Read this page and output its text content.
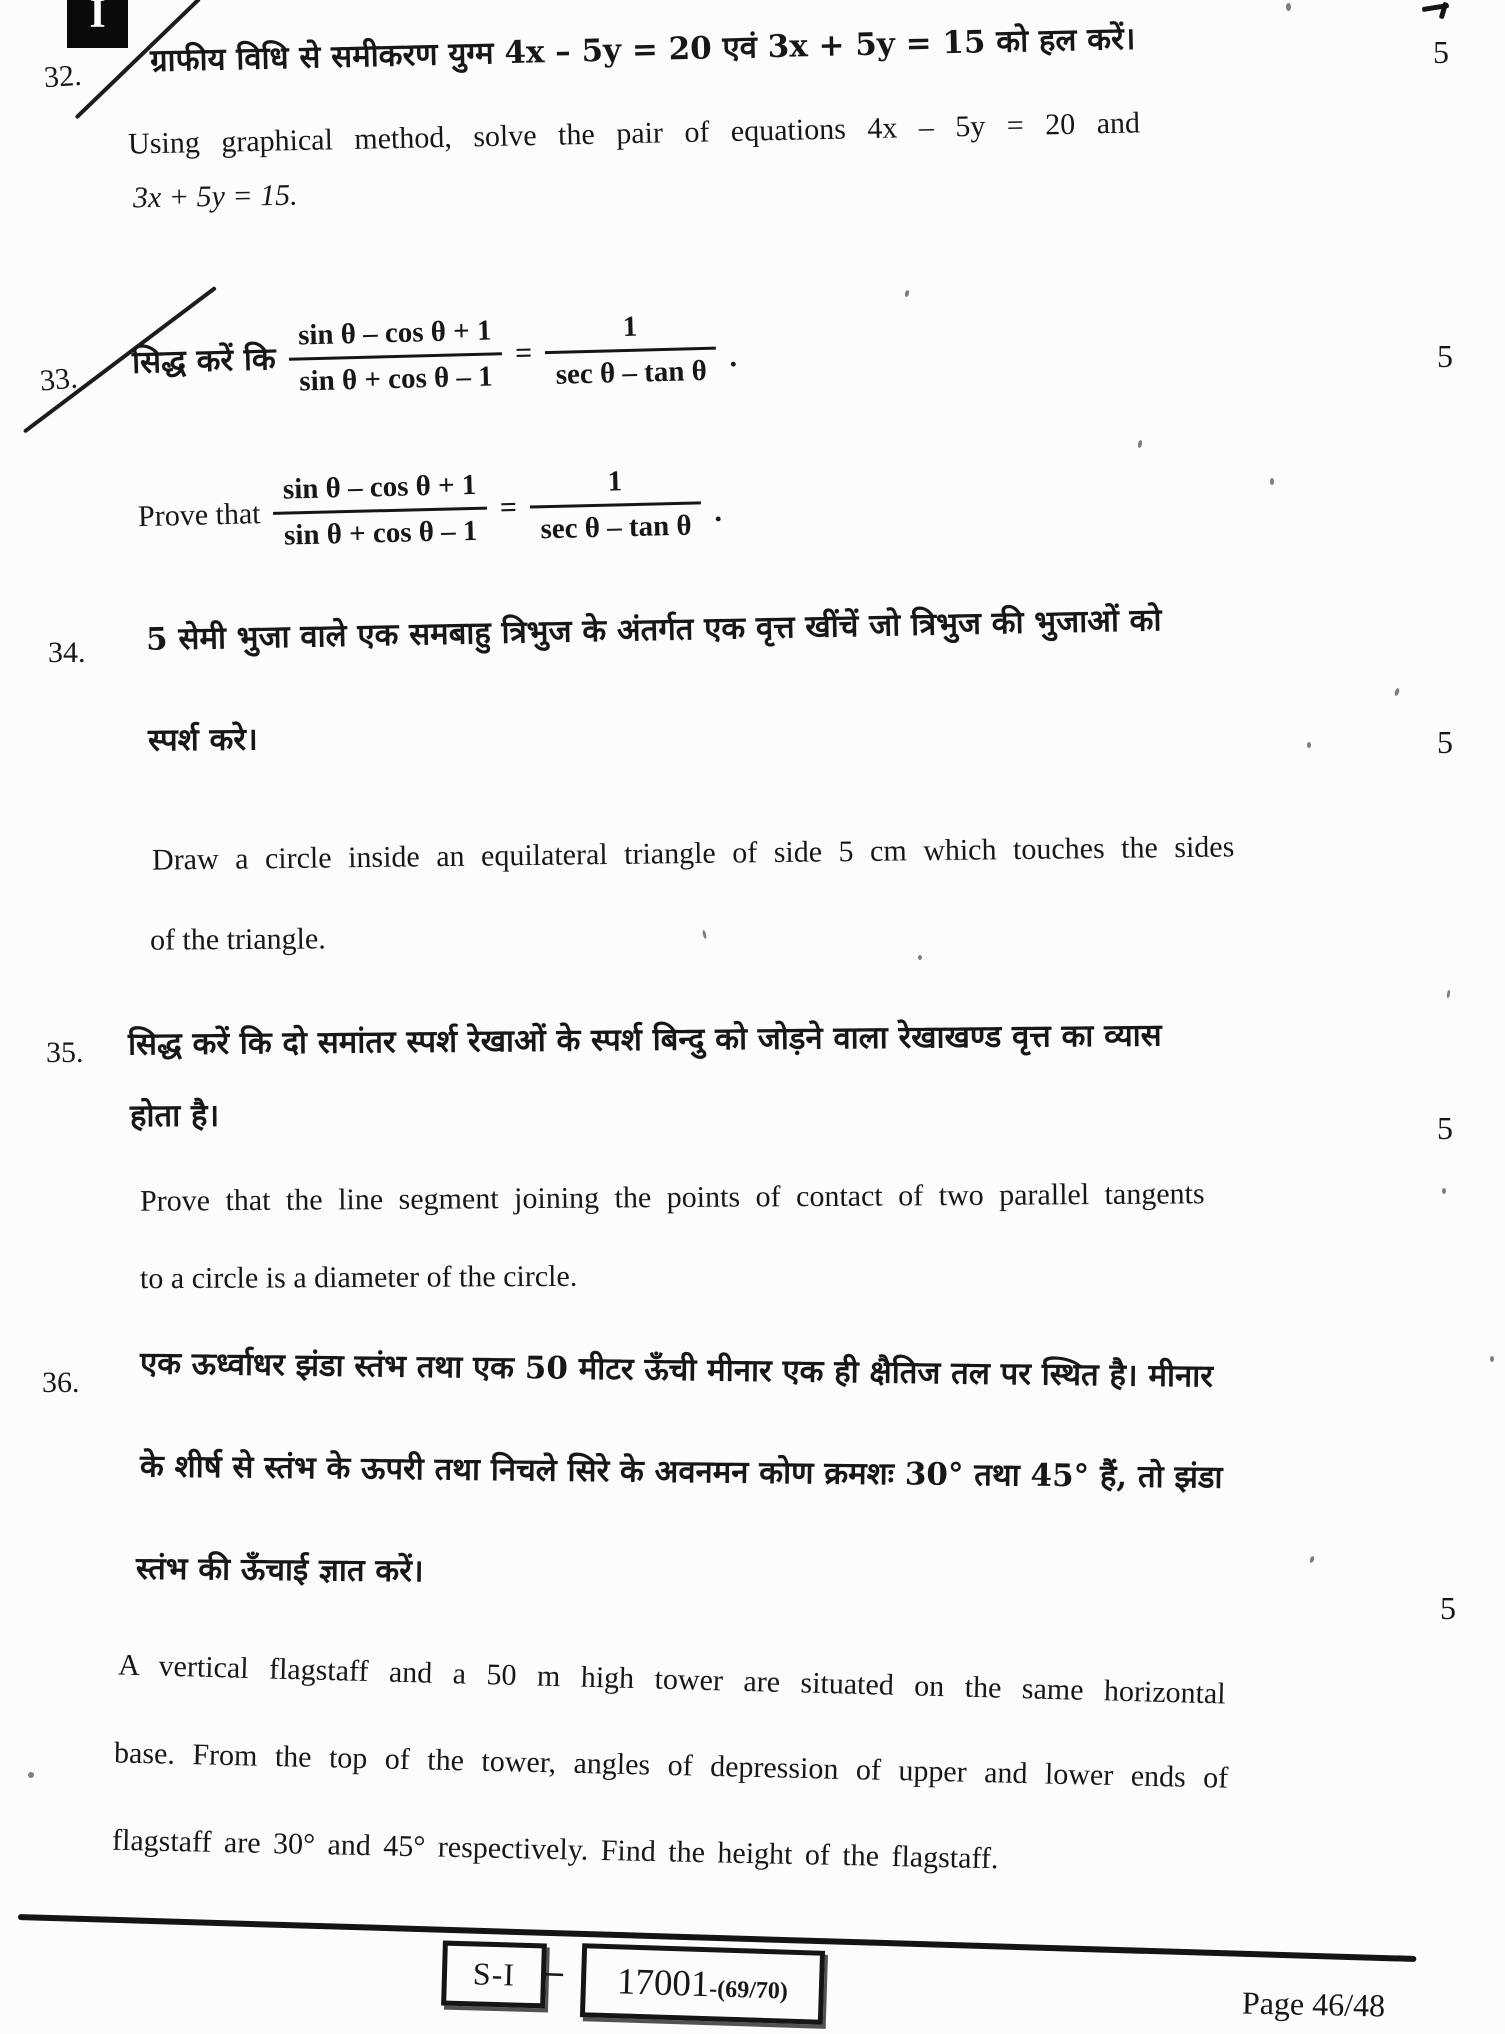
I
32. ग्राफीय विधि से समीकरण युग्म 4x – 5y = 20 एवं 3x + 5y = 15 को हल करें।	5
Using graphical method, solve the pair of equations 4x – 5y = 20 and
3x + 5y = 15.
33. सिद्ध करें कि $\frac{\text{sin θ – cos θ + 1}}{\text{sin θ + cos θ – 1}} = \frac{1}{\text{sec θ – tan θ}}$ .	5
Prove that $\frac{\text{sin θ – cos θ + 1}}{\text{sin θ + cos θ – 1}} = \frac{1}{\text{sec θ – tan θ}}$ .
34. 5 सेमी भुजा वाले एक समबाहु त्रिभुज के अंतर्गत एक वृत्त खींचें जो त्रिभुज की भुजाओं को
स्पर्श करे।	5
Draw a circle inside an equilateral triangle of side 5 cm which touches the sides
of the triangle.
35. सिद्ध करें कि दो समांतर स्पर्श रेखाओं के स्पर्श बिन्दु को जोड़ने वाला रेखाखण्ड वृत्त का व्यास
होता है।	5
Prove that the line segment joining the points of contact of two parallel tangents
to a circle is a diameter of the circle.
36. एक ऊर्ध्वाधर झंडा स्तंभ तथा एक 50 मीटर ऊँची मीनार एक ही क्षैतिज तल पर स्थित है। मीनार
के शीर्ष से स्तंभ के ऊपरी तथा निचले सिरे के अवनमन कोण क्रमशः 30° तथा 45° हैं, तो झंडा
स्तंभ की ऊँचाई ज्ञात करें।
5
A vertical flagstaff and a 50 m high tower are situated on the same horizontal
base. From the top of the tower, angles of depression of upper and lower ends of
flagstaff are 30° and 45° respectively. Find the height of the flagstaff.
S-I – 17001
-(69/70)	Page 46/48
